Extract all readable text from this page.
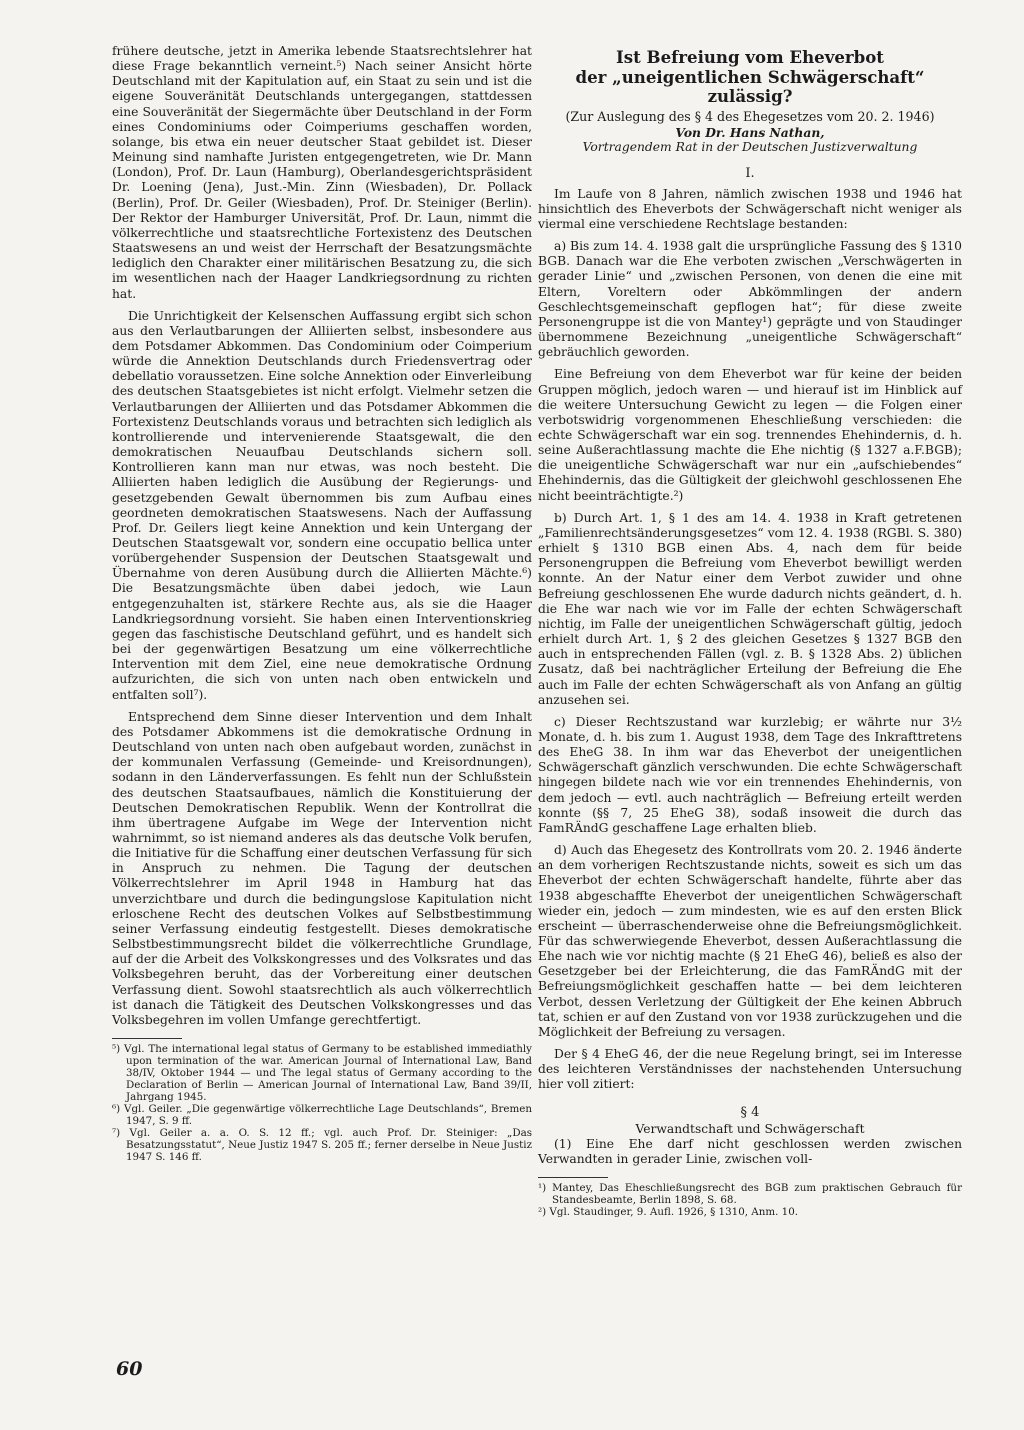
frühere deutsche, jetzt in Amerika lebende Staatsrechtslehrer hat diese Frage bekanntlich verneint.⁵) Nach seiner Ansicht hörte Deutschland mit der Kapitulation auf, ein Staat zu sein und ist die eigene Souveränität Deutschlands untergegangen, stattdessen eine Souveränität der Siegermächte über Deutschland in der Form eines Condominiums oder Coimperiums geschaffen worden, solange, bis etwa ein neuer deutscher Staat gebildet ist. Dieser Meinung sind namhafte Juristen entgegengetreten, wie Dr. Mann (London), Prof. Dr. Laun (Hamburg), Oberlandesgerichtspräsident Dr. Loening (Jena), Just.-Min. Zinn (Wiesbaden), Dr. Pollack (Berlin), Prof. Dr. Geiler (Wiesbaden), Prof. Dr. Steiniger (Berlin). Der Rektor der Hamburger Universität, Prof. Dr. Laun, nimmt die völkerrechtliche und staatsrechtliche Fortexistenz des Deutschen Staatswesens an und weist der Herrschaft der Besatzungsmächte lediglich den Charakter einer militärischen Besatzung zu, die sich im wesentlichen nach der Haager Landkriegsordnung zu richten hat.

Die Unrichtigkeit der Kelsenschen Auffassung ergibt sich schon aus den Verlautbarungen der Alliierten selbst, insbesondere aus dem Potsdamer Abkommen. Das Condominium oder Coimperium würde die Annektion Deutschlands durch Friedensvertrag oder debellatio voraussetzen. Eine solche Annektion oder Einverleibung des deutschen Staatsgebietes ist nicht erfolgt. Vielmehr setzen die Verlautbarungen der Alliierten und das Potsdamer Abkommen die Fortexistenz Deutschlands voraus und betrachten sich lediglich als kontrollierende und intervenierende Staatsgewalt, die den demokratischen Neuaufbau Deutschlands sichern soll. Kontrollieren kann man nur etwas, was noch besteht. Die Alliierten haben lediglich die Ausübung der Regierungs- und gesetzgebenden Gewalt übernommen bis zum Aufbau eines geordneten demokratischen Staatswesens. Nach der Auffassung Prof. Dr. Geilers liegt keine Annektion und kein Untergang der Deutschen Staatsgewalt vor, sondern eine occupatio bellica unter vorübergehender Suspension der Deutschen Staatsgewalt und Übernahme von deren Ausübung durch die Alliierten Mächte.⁶) Die Besatzungsmächte üben dabei jedoch, wie Laun entgegenzuhalten ist, stärkere Rechte aus, als sie die Haager Landkriegsordnung vorsieht. Sie haben einen Interventionskrieg gegen das faschistische Deutschland geführt, und es handelt sich bei der gegenwärtigen Besatzung um eine völkerrechtliche Intervention mit dem Ziel, eine neue demokratische Ordnung aufzurichten, die sich von unten nach oben entwickeln und entfalten soll⁷).

Entsprechend dem Sinne dieser Intervention und dem Inhalt des Potsdamer Abkommens ist die demokratische Ordnung in Deutschland von unten nach oben aufgebaut worden, zunächst in der kommunalen Verfassung (Gemeinde- und Kreisordnungen), sodann in den Länderverfassungen. Es fehlt nun der Schlußstein des deutschen Staatsaufbaues, nämlich die Konstituierung der Deutschen Demokratischen Republik. Wenn der Kontrollrat die ihm übertragene Aufgabe im Wege der Intervention nicht wahrnimmt, so ist niemand anderes als das deutsche Volk berufen, die Initiative für die Schaffung einer deutschen Verfassung für sich in Anspruch zu nehmen. Die Tagung der deutschen Völkerrechtslehrer im April 1948 in Hamburg hat das unverzichtbare und durch die bedingungslose Kapitulation nicht erloschene Recht des deutschen Volkes auf Selbstbestimmung seiner Verfassung eindeutig festgestellt. Dieses demokratische Selbstbestimmungsrecht bildet die völkerrechtliche Grundlage, auf der die Arbeit des Volkskongresses und des Volksrates und das Volksbegehren beruht, das der Vorbereitung einer deutschen Verfassung dient. Sowohl staatsrechtlich als auch völkerrechtlich ist danach die Tätigkeit des Deutschen Volkskongresses und das Volksbegehren im vollen Umfange gerechtfertigt.

⁵) Vgl. The international legal status of Germany to be established immediathly upon termination of the war. American Journal of International Law, Band 38/IV, Oktober 1944 — und The legal status of Germany according to the Declaration of Berlin — American Journal of International Law, Band 39/II, Jahrgang 1945.

⁶) Vgl. Geiler. „Die gegenwärtige völkerrechtliche Lage Deutschlands“, Bremen 1947, S. 9 ff.

⁷) Vgl. Geiler a. a. O. S. 12 ff.; vgl. auch Prof. Dr. Steiniger: „Das Besatzungsstatut“, Neue Justiz 1947 S. 205 ff.; ferner derselbe in Neue Justiz 1947 S. 146 ff.

Ist Befreiung vom Eheverbot
der „uneigentlichen Schwägerschaft“ zulässig?
(Zur Auslegung des § 4 des Ehegesetzes vom 20. 2. 1946)
Von Dr. Hans Nathan,
Vortragendem Rat in der Deutschen Justizverwaltung
I.

Im Laufe von 8 Jahren, nämlich zwischen 1938 und 1946 hat hinsichtlich des Eheverbots der Schwägerschaft nicht weniger als viermal eine verschiedene Rechtslage bestanden:

a) Bis zum 14. 4. 1938 galt die ursprüngliche Fassung des § 1310 BGB. Danach war die Ehe verboten zwischen „Verschwägerten in gerader Linie“ und „zwischen Personen, von denen die eine mit Eltern, Voreltern oder Abkömmlingen der andern Geschlechtsgemeinschaft gepflogen hat“; für diese zweite Personengruppe ist die von Mantey¹) geprägte und von Staudinger übernommene Bezeichnung „uneigentliche Schwägerschaft“ gebräuchlich geworden.

Eine Befreiung von dem Eheverbot war für keine der beiden Gruppen möglich, jedoch waren — und hierauf ist im Hinblick auf die weitere Untersuchung Gewicht zu legen — die Folgen einer verbotswidrig vorgenommenen Eheschließung verschieden: die echte Schwägerschaft war ein sog. trennendes Ehehindernis, d. h. seine Außerachtlassung machte die Ehe nichtig (§ 1327 a.F.BGB); die uneigentliche Schwägerschaft war nur ein „aufschiebendes“ Ehehindernis, das die Gültigkeit der gleichwohl geschlossenen Ehe nicht beeinträchtigte.²)

b) Durch Art. 1, § 1 des am 14. 4. 1938 in Kraft getretenen „Familienrechtsänderungsgesetzes“ vom 12. 4. 1938 (RGBl. S. 380) erhielt § 1310 BGB einen Abs. 4, nach dem für beide Personengruppen die Befreiung vom Eheverbot bewilligt werden konnte. An der Natur einer dem Verbot zuwider und ohne Befreiung geschlossenen Ehe wurde dadurch nichts geändert, d. h. die Ehe war nach wie vor im Falle der echten Schwägerschaft nichtig, im Falle der uneigentlichen Schwägerschaft gültig, jedoch erhielt durch Art. 1, § 2 des gleichen Gesetzes § 1327 BGB den auch in entsprechenden Fällen (vgl. z. B. § 1328 Abs. 2) üblichen Zusatz, daß bei nachträglicher Erteilung der Befreiung die Ehe auch im Falle der echten Schwägerschaft als von Anfang an gültig anzusehen sei.

c) Dieser Rechtszustand war kurzlebig; er währte nur 3½ Monate, d. h. bis zum 1. August 1938, dem Tage des Inkrafttretens des EheG 38. In ihm war das Eheverbot der uneigentlichen Schwägerschaft gänzlich verschwunden. Die echte Schwägerschaft hingegen bildete nach wie vor ein trennendes Ehehindernis, von dem jedoch — evtl. auch nachträglich — Befreiung erteilt werden konnte (§§ 7, 25 EheG 38), sodaß insoweit die durch das FamRÄndG geschaffene Lage erhalten blieb.

d) Auch das Ehegesetz des Kontrollrats vom 20. 2. 1946 änderte an dem vorherigen Rechtszustande nichts, soweit es sich um das Eheverbot der echten Schwägerschaft handelte, führte aber das 1938 abgeschaffte Eheverbot der uneigentlichen Schwägerschaft wieder ein, jedoch — zum mindesten, wie es auf den ersten Blick erscheint — überraschenderweise ohne die Befreiungsmöglichkeit. Für das schwerwiegende Eheverbot, dessen Außerachtlassung die Ehe nach wie vor nichtig machte (§ 21 EheG 46), beließ es also der Gesetzgeber bei der Erleichterung, die das FamRÄndG mit der Befreiungsmöglichkeit geschaffen hatte — bei dem leichteren Verbot, dessen Verletzung der Gültigkeit der Ehe keinen Abbruch tat, schien er auf den Zustand von vor 1938 zurückzugehen und die Möglichkeit der Befreiung zu versagen.

Der § 4 EheG 46, der die neue Regelung bringt, sei im Interesse des leichteren Verständnisses der nachstehenden Untersuchung hier voll zitiert:

§ 4
Verwandtschaft und Schwägerschaft

(1) Eine Ehe darf nicht geschlossen werden zwischen Verwandten in gerader Linie, zwischen voll-

¹) Mantey, Das Eheschließungsrecht des BGB zum praktischen Gebrauch für Standesbeamte, Berlin 1898, S. 68.

²) Vgl. Staudinger, 9. Aufl. 1926, § 1310, Anm. 10.

60
